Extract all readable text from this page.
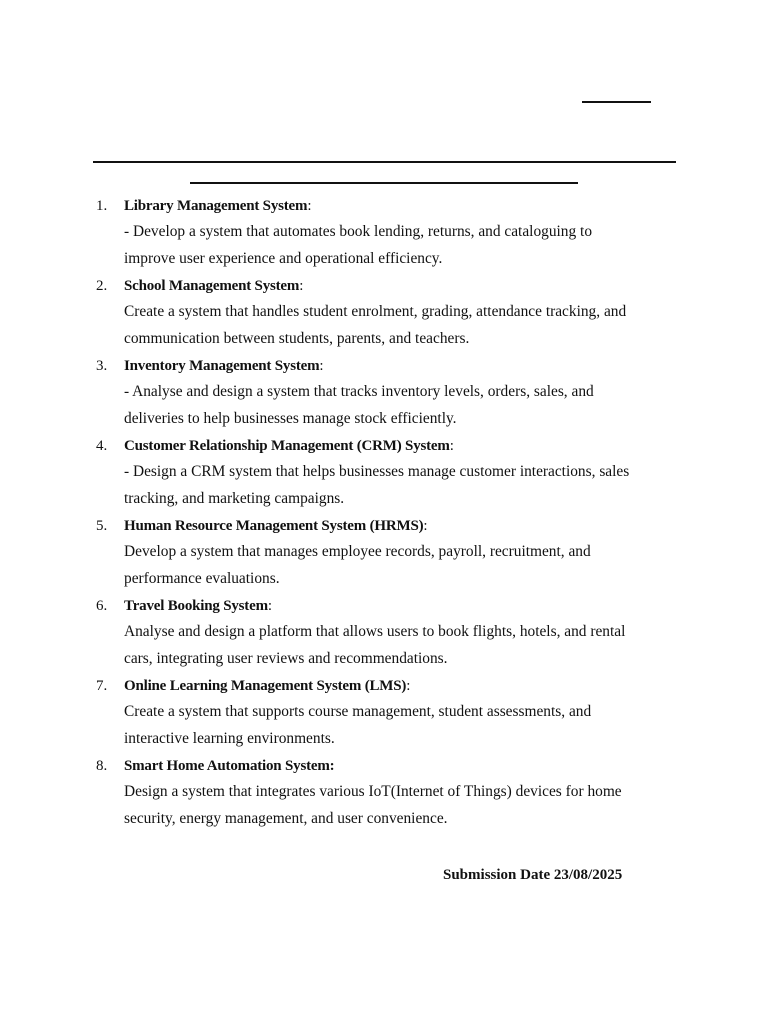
1.	Library Management System:
- Develop a system that automates book lending, returns, and cataloguing to improve user experience and operational efficiency.
2.	School Management System:
Create a system that handles student enrolment, grading, attendance tracking, and communication between students, parents, and teachers.
3.	Inventory Management System:
- Analyse and design a system that tracks inventory levels, orders, sales, and deliveries to help businesses manage stock efficiently.
4.	Customer Relationship Management (CRM) System:
- Design a CRM system that helps businesses manage customer interactions, sales tracking, and marketing campaigns.
5.	Human Resource Management System (HRMS):
Develop a system that manages employee records, payroll, recruitment, and performance evaluations.
6.	Travel Booking System:
Analyse and design a platform that allows users to book flights, hotels, and rental cars, integrating user reviews and recommendations.
7.	Online Learning Management System (LMS):
Create a system that supports course management, student assessments, and interactive learning environments.
8.	Smart Home Automation System:
Design a system that integrates various IoT(Internet of Things) devices for home security, energy management, and user convenience.
Submission Date 23/08/2025
